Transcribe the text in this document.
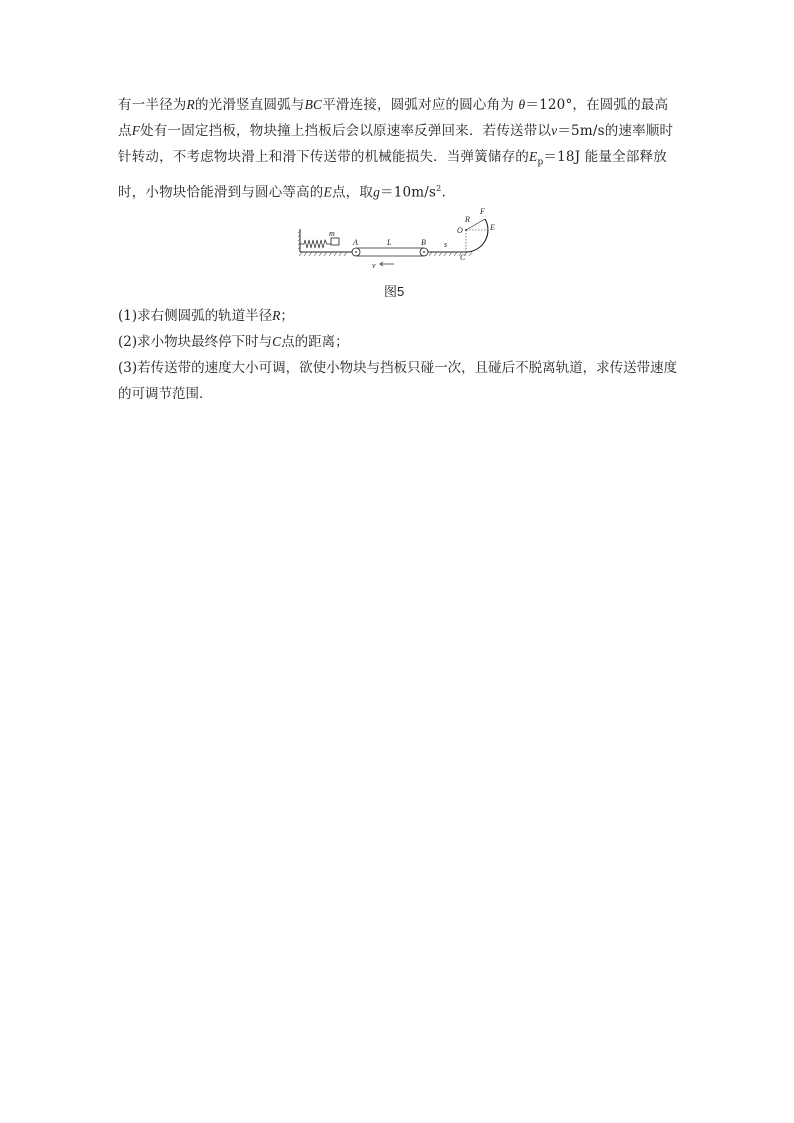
有一半径为R的光滑竖直圆弧与BC平滑连接，圆弧对应的圆心角为 θ＝120°，在圆弧的最高点F处有一固定挡板，物块撞上挡板后会以原速率反弹回来．若传送带以v＝5m/s的速率顺时针转动，不考虑物块滑上和滑下传送带的机械能损失．当弹簧储存的$E_p=18J$ 能量全部释放时，小物块恰能滑到与圆心等高的E点，取$g=10m/s^2$.
m
A	L	B
v
s
C
O
R
F
E
图5
(1)求右侧圆弧的轨道半径R；
(2)求小物块最终停下时与C点的距离；
(3)若传送带的速度大小可调，欲使小物块与挡板只碰一次，且碰后不脱离轨道，求传送带速度的可调节范围．
